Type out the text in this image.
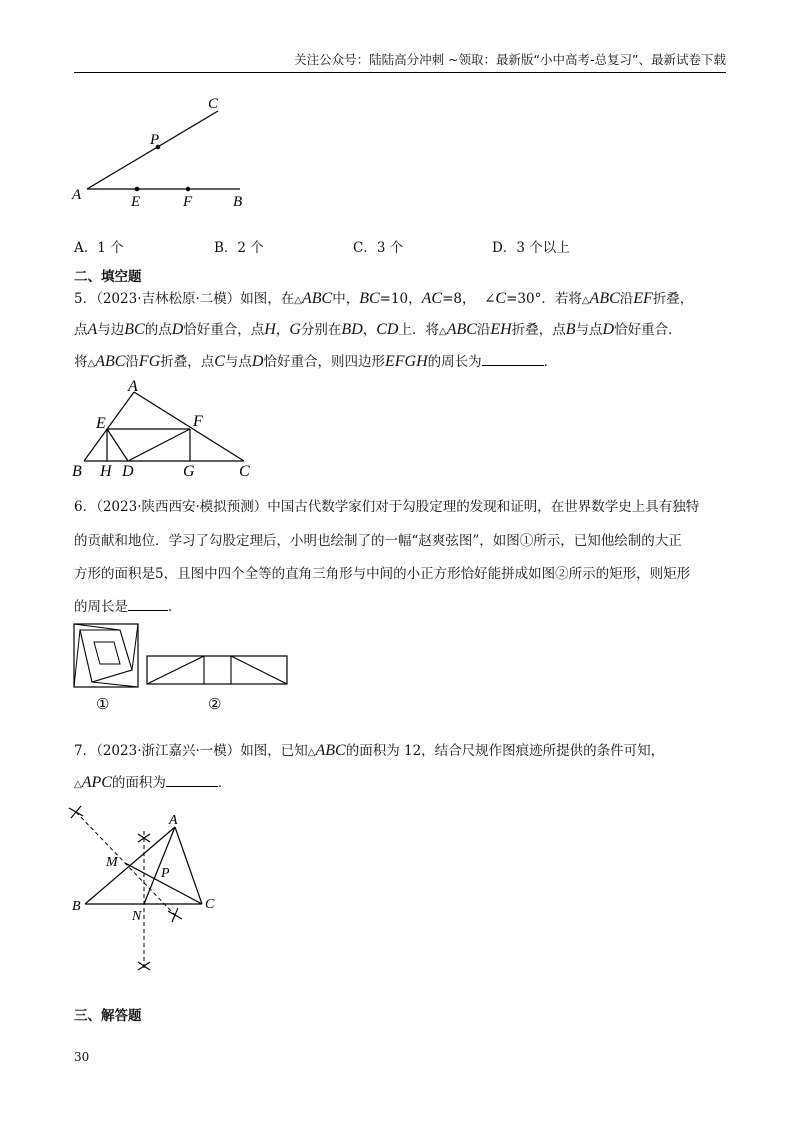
关注公众号：陆陆高分冲刺 ~领取：最新版“小中高考-总复习”、最新试卷下载
C
P
A	E	F	B
A．1 个	B．2 个	C．3 个	D．3 个以上
二、填空题
5．（2023·吉林松原·二模）如图，在△ABC中，BC=10，AC=8， ∠C=30°．若将△ABC沿EF折叠，
点A与边BC的点D恰好重合，点H，G分别在BD，CD上．将△ABC沿EH折叠，点B与点D恰好重合．
将△ABC沿FG折叠，点C与点D恰好重合，则四边形EFGH的周长为	．
A
E	F
B H D	G	C
6．（2023·陕西西安·模拟预测）中国古代数学家们对于勾股定理的发现和证明，在世界数学史上具有独特
的贡献和地位．学习了勾股定理后，小明也绘制了的一幅“赵爽弦图”，如图①所示，已知他绘制的大正
方形的面积是5，且图中四个全等的直角三角形与中间的小正方形恰好能拼成如图②所示的矩形，则矩形
的周长是	．
①	②
7．（2023·浙江嘉兴·一模）如图，已知△ABC的面积为 12，结合尺规作图痕迹所提供的条件可知，
△APC的面积为	．
A
M
P
B
N
C
三、解答题
30
